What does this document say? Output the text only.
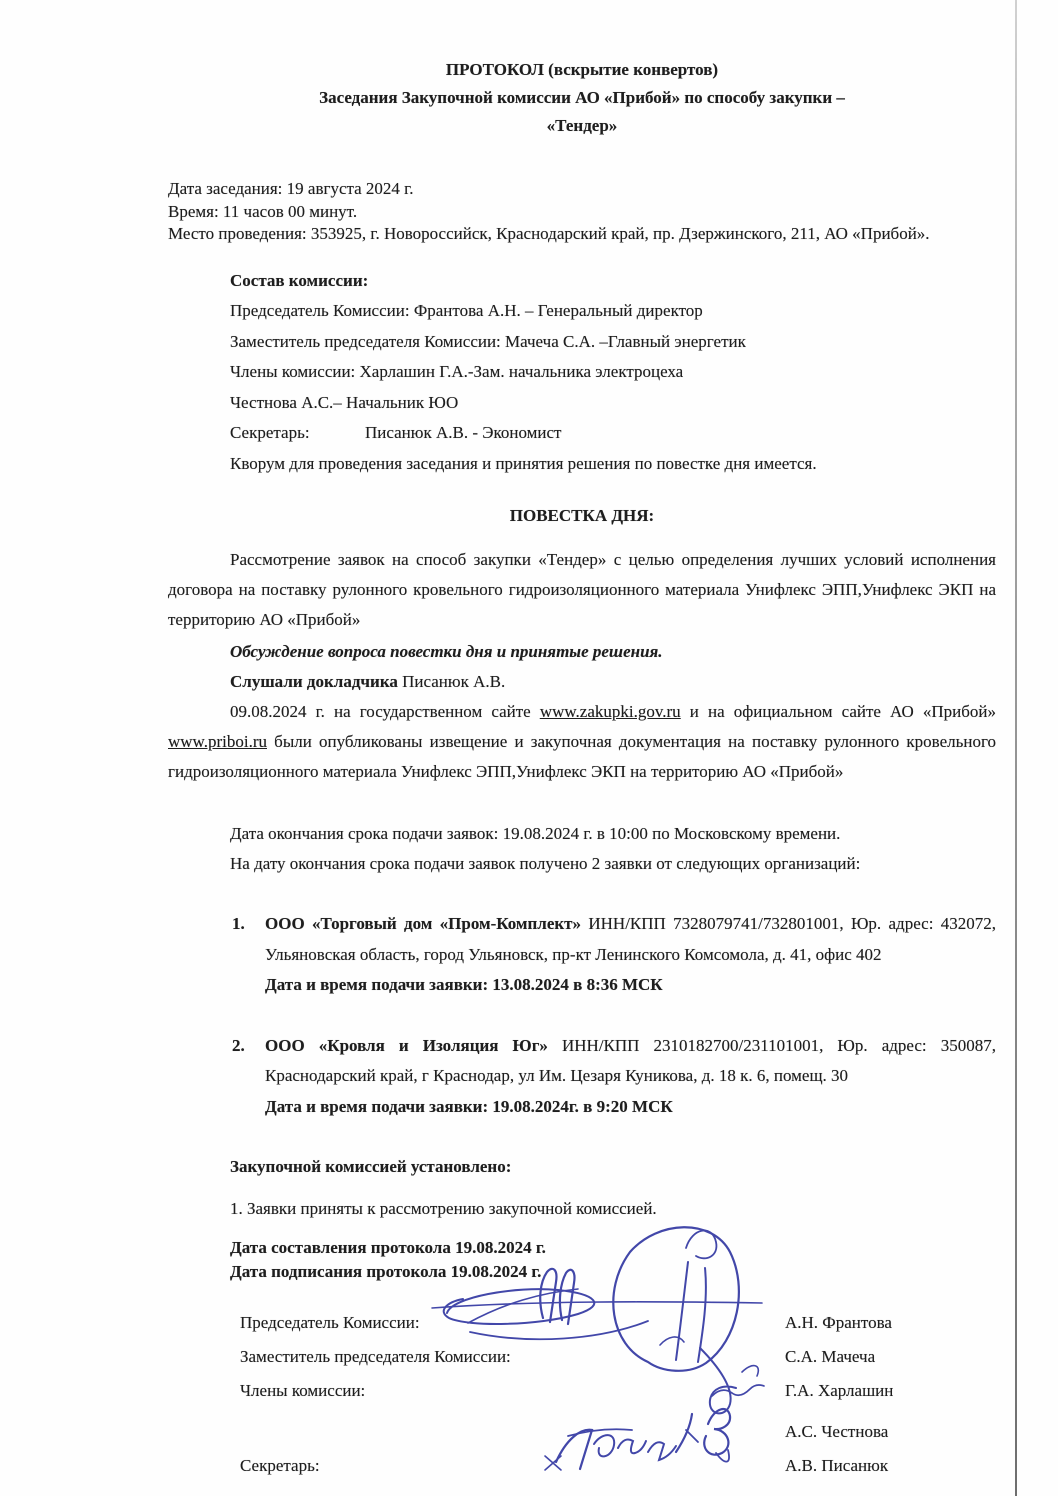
ПРОТОКОЛ (вскрытие конвертов)
Заседания Закупочной комиссии АО «Прибой» по способу закупки –
«Тендер»

Дата заседания: 19 августа 2024 г.

Время: 11 часов 00 минут.

Место проведения: 353925, г. Новороссийск, Краснодарский край, пр. Дзержинского, 211, АО «Прибой».

Состав комиссии:

Председатель Комиссии: Франтова А.Н. – Генеральный директор

Заместитель председателя Комиссии: Мачеча С.А. –Главный энергетик

Члены комиссии: Харлашин Г.А.-Зам. начальника электроцеха

Честнова А.С.– Начальник ЮО

Секретарь:	Писанюк А.В. - Экономист

Кворум для проведения заседания и принятия решения по повестке дня имеется.

ПОВЕСТКА ДНЯ:

Рассмотрение заявок на способ закупки «Тендер» с целью определения лучших условий исполнения договора на поставку рулонного кровельного гидроизоляционного материала Унифлекс ЭПП,Унифлекс ЭКП на территорию АО «Прибой»

Обсуждение вопроса повестки дня и принятые решения.

Слушали докладчика Писанюк А.В.

09.08.2024 г. на государственном сайте www.zakupki.gov.ru и на официальном сайте АО «Прибой» www.priboi.ru были опубликованы извещение и закупочная документация на поставку рулонного кровельного гидроизоляционного материала Унифлекс ЭПП,Унифлекс ЭКП на территорию АО «Прибой»

Дата окончания срока подачи заявок: 19.08.2024 г. в 10:00 по Московскому времени.

На дату окончания срока подачи заявок получено 2 заявки от следующих организаций:

1. ООО «Торговый дом «Пром-Комплект» ИНН/КПП 7328079741/732801001, Юр. адрес: 432072, Ульяновская область, город Ульяновск, пр-кт Ленинского Комсомола, д. 41, офис 402

Дата и время подачи заявки: 13.08.2024 в 8:36 МСК

2. ООО «Кровля и Изоляция Юг» ИНН/КПП 2310182700/231101001, Юр. адрес: 350087, Краснодарский край, г Краснодар, ул Им. Цезаря Куникова, д. 18 к. 6, помещ. 30

Дата и время подачи заявки: 19.08.2024г. в 9:20 МСК

Закупочной комиссией установлено:

1. Заявки приняты к рассмотрению закупочной комиссией.

Дата составления протокола 19.08.2024 г.

Дата подписания протокола 19.08.2024 г.

Председатель Комиссии:	А.Н. Франтова
Заместитель председателя Комиссии:	С.А. Мачеча
Члены комиссии:	Г.А. Харлашин
А.С. Честнова
Секретарь:	А.В. Писанюк
